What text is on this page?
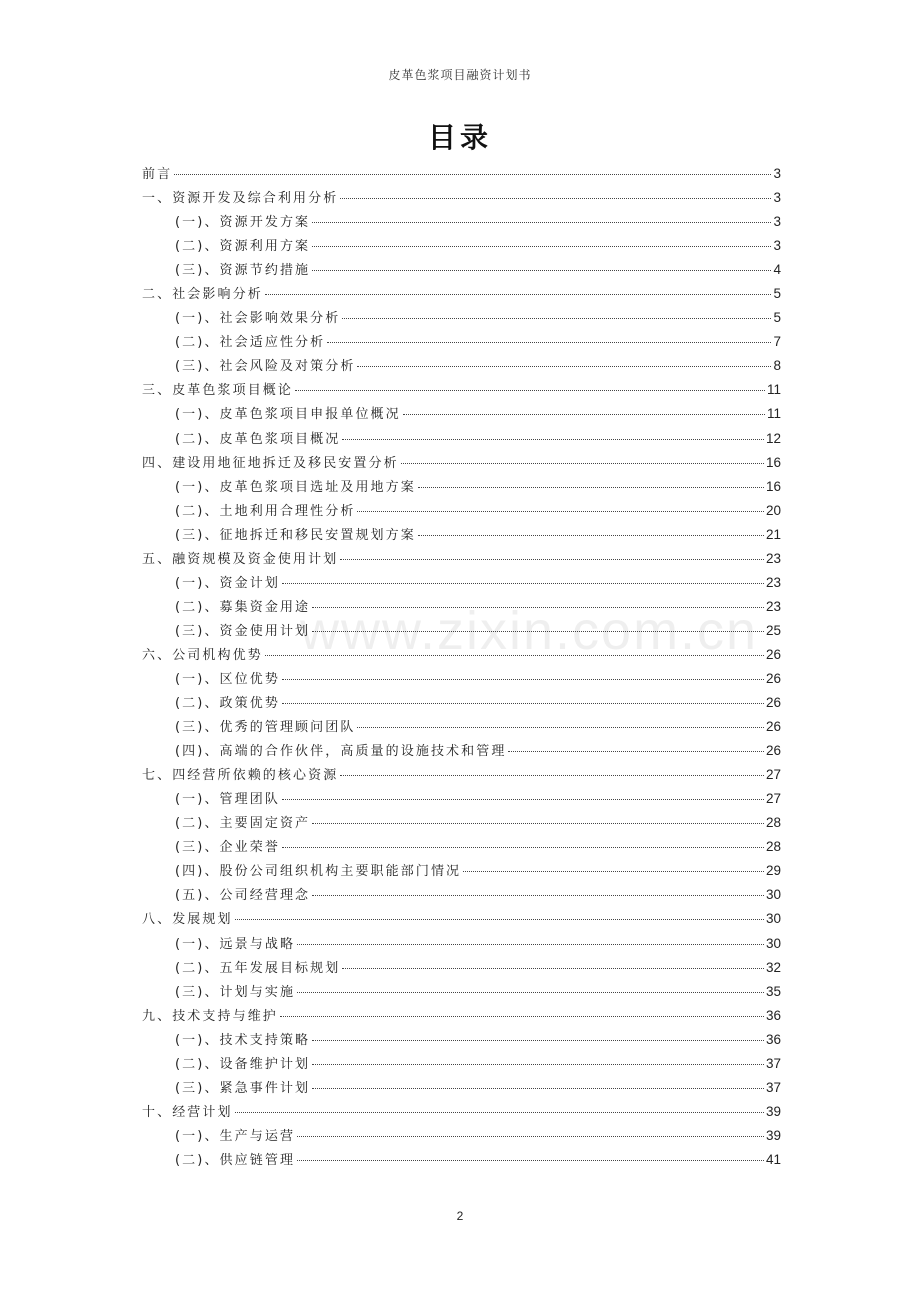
皮革色浆项目融资计划书
目录
前言	3
一、资源开发及综合利用分析	3
(一)、资源开发方案	3
(二)、资源利用方案	3
(三)、资源节约措施	4
二、社会影响分析	5
(一)、社会影响效果分析	5
(二)、社会适应性分析	7
(三)、社会风险及对策分析	8
三、皮革色浆项目概论	11
(一)、皮革色浆项目申报单位概况	11
(二)、皮革色浆项目概况	12
四、建设用地征地拆迁及移民安置分析	16
(一)、皮革色浆项目选址及用地方案	16
(二)、土地利用合理性分析	20
(三)、征地拆迁和移民安置规划方案	21
五、融资规模及资金使用计划	23
(一)、资金计划	23
(二)、募集资金用途	23
(三)、资金使用计划	25
六、公司机构优势	26
(一)、区位优势	26
(二)、政策优势	26
(三)、优秀的管理顾问团队	26
(四)、高端的合作伙伴，高质量的设施技术和管理	26
七、四经营所依赖的核心资源	27
(一)、管理团队	27
(二)、主要固定资产	28
(三)、企业荣誉	28
(四)、股份公司组织机构主要职能部门情况	29
(五)、公司经营理念	30
八、发展规划	30
(一)、远景与战略	30
(二)、五年发展目标规划	32
(三)、计划与实施	35
九、技术支持与维护	36
(一)、技术支持策略	36
(二)、设备维护计划	37
(三)、紧急事件计划	37
十、经营计划	39
(一)、生产与运营	39
(二)、供应链管理	41
www.zixin.com.cn
2
